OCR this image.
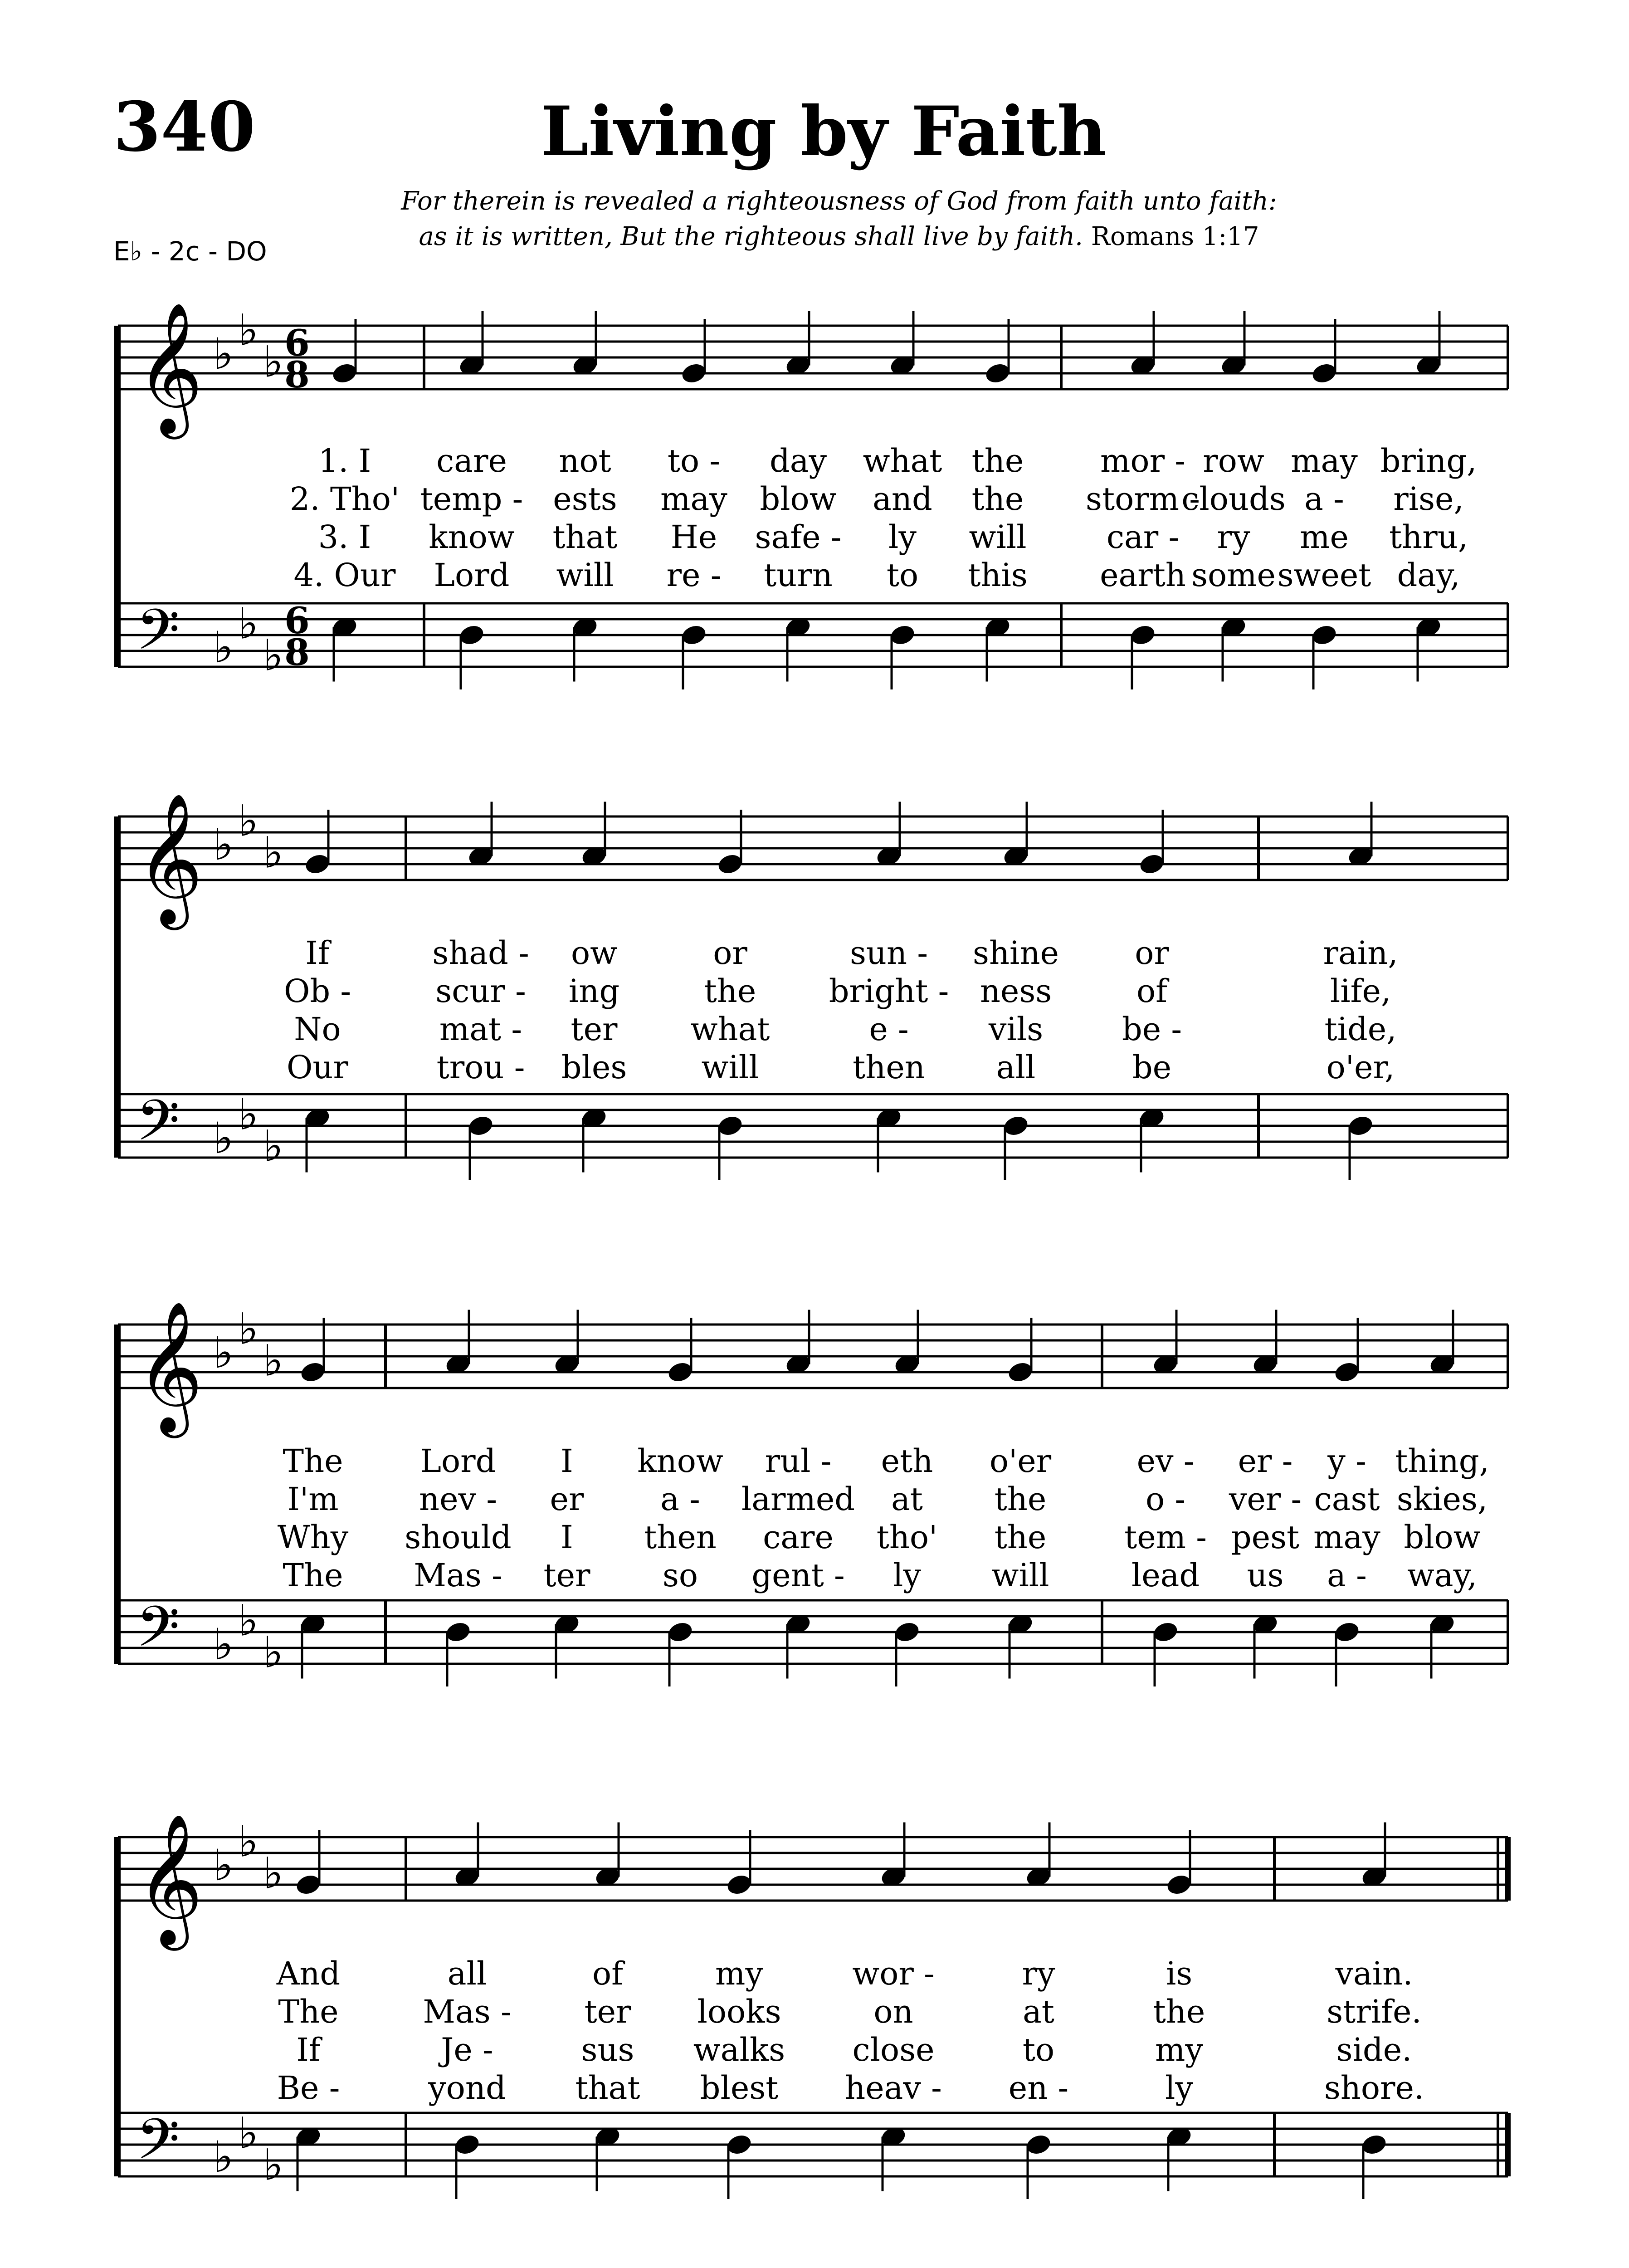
340	Living by Faith
For therein is revealed a righteousness of God from faith unto faith:
as it is written, But the righteous shall live by faith. Romans 1:17
E♭ - 2c - DO
𝄞
𝄢
♭ ♭
♭
♭ ♭
♭
6
8
6
8
1. I care not to - day what the mor - row may bring,
2. Tho' temp - ests may blow and the storm -
clouds a - rise,
3. I know that He safe - ly will	car - ry me thru,
4. Our Lord will re - turn to this earth some sweet day,
𝄞
𝄢
♭ ♭
♭
♭ ♭
♭
If	shad - ow	or	sun - shine or	rain,
Ob -	scur - ing	the bright - ness	of	life,
No	mat - ter what	e -	vils be -	tide,
Our	trou - bles will	then all	be	o'er,
𝄞
𝄢
♭ ♭
♭
♭ ♭
♭
The Lord I know rul - eth o'er	ev - er - y - thing,
I'm	nev - er a - larmed at the	o - ver - cast skies,
Why should I then care tho' the tem - pest may blow
The Mas - ter so gent - ly will	lead us a - way,
𝄞
𝄢
♭ ♭
♭
♭ ♭
♭
And	all	of	my	wor -	ry	is	vain.
The	Mas - ter looks	on	at	the	strife.
If	Je -	sus walks close	to	my	side.
Be -	yond that blest heav - en -	ly	shore.
